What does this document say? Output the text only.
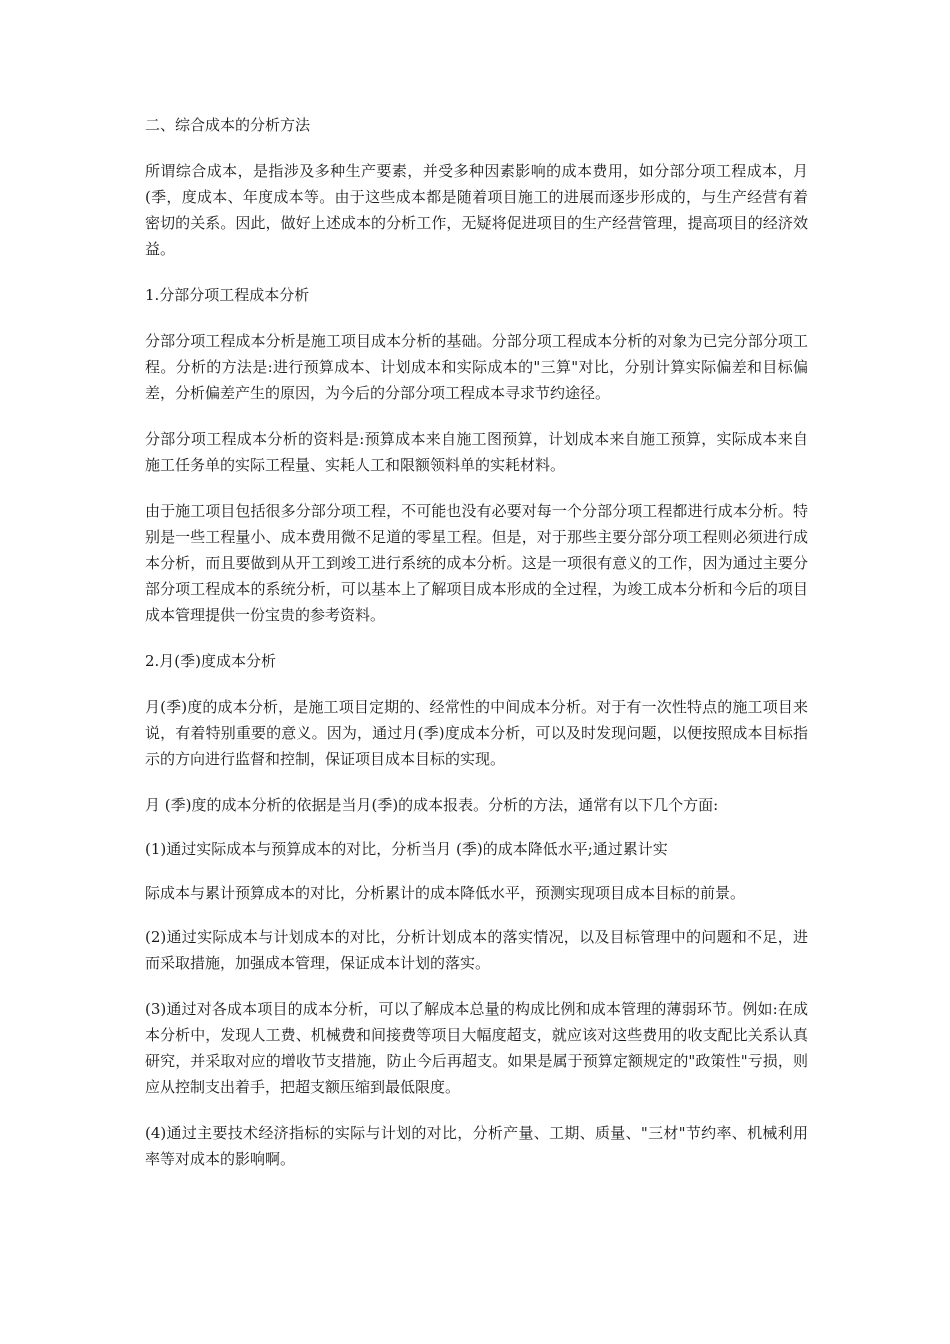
二、综合成本的分析方法

所谓综合成本，是指涉及多种生产要素，并受多种因素影响的成本费用，如分部分项工程成本，月 (季，度成本、年度成本等。由于这些成本都是随着项目施工的进展而逐步形成的，与生产经营有着密切的关系。因此，做好上述成本的分析工作，无疑将促进项目的生产经营管理，提高项目的经济效益。

1.分部分项工程成本分析

分部分项工程成本分析是施工项目成本分析的基础。分部分项工程成本分析的对象为已完分部分项工程。分析的方法是:进行预算成本、计划成本和实际成本的"三算"对比，分别计算实际偏差和目标偏差，分析偏差产生的原因，为今后的分部分项工程成本寻求节约途径。

分部分项工程成本分析的资料是:预算成本来自施工图预算，计划成本来自施工预算，实际成本来自施工任务单的实际工程量、实耗人工和限额领料单的实耗材料。

由于施工项目包括很多分部分项工程，不可能也没有必要对每一个分部分项工程都进行成本分析。特别是一些工程量小、成本费用微不足道的零星工程。但是，对于那些主要分部分项工程则必须进行成本分析，而且要做到从开工到竣工进行系统的成本分析。这是一项很有意义的工作，因为通过主要分部分项工程成本的系统分析，可以基本上了解项目成本形成的全过程，为竣工成本分析和今后的项目成本管理提供一份宝贵的参考资料。

2.月(季)度成本分析

月(季)度的成本分析，是施工项目定期的、经常性的中间成本分析。对于有一次性特点的施工项目来说，有着特别重要的意义。因为，通过月(季)度成本分析，可以及时发现问题，以便按照成本目标指示的方向进行监督和控制，保证项目成本目标的实现。

月 (季)度的成本分析的依据是当月(季)的成本报表。分析的方法，通常有以下几个方面:

(1)通过实际成本与预算成本的对比，分析当月 (季)的成本降低水平;通过累计实

际成本与累计预算成本的对比，分析累计的成本降低水平，预测实现项目成本目标的前景。

(2)通过实际成本与计划成本的对比，分析计划成本的落实情况，以及目标管理中的问题和不足，进而采取措施，加强成本管理，保证成本计划的落实。

(3)通过对各成本项目的成本分析，可以了解成本总量的构成比例和成本管理的薄弱环节。例如:在成本分析中，发现人工费、机械费和间接费等项目大幅度超支，就应该对这些费用的收支配比关系认真研究，并采取对应的增收节支措施，防止今后再超支。如果是属于预算定额规定的"政策性"亏损，则应从控制支出着手，把超支额压缩到最低限度。

(4)通过主要技术经济指标的实际与计划的对比，分析产量、工期、质量、"三材"节约率、机械利用率等对成本的影响啊。
